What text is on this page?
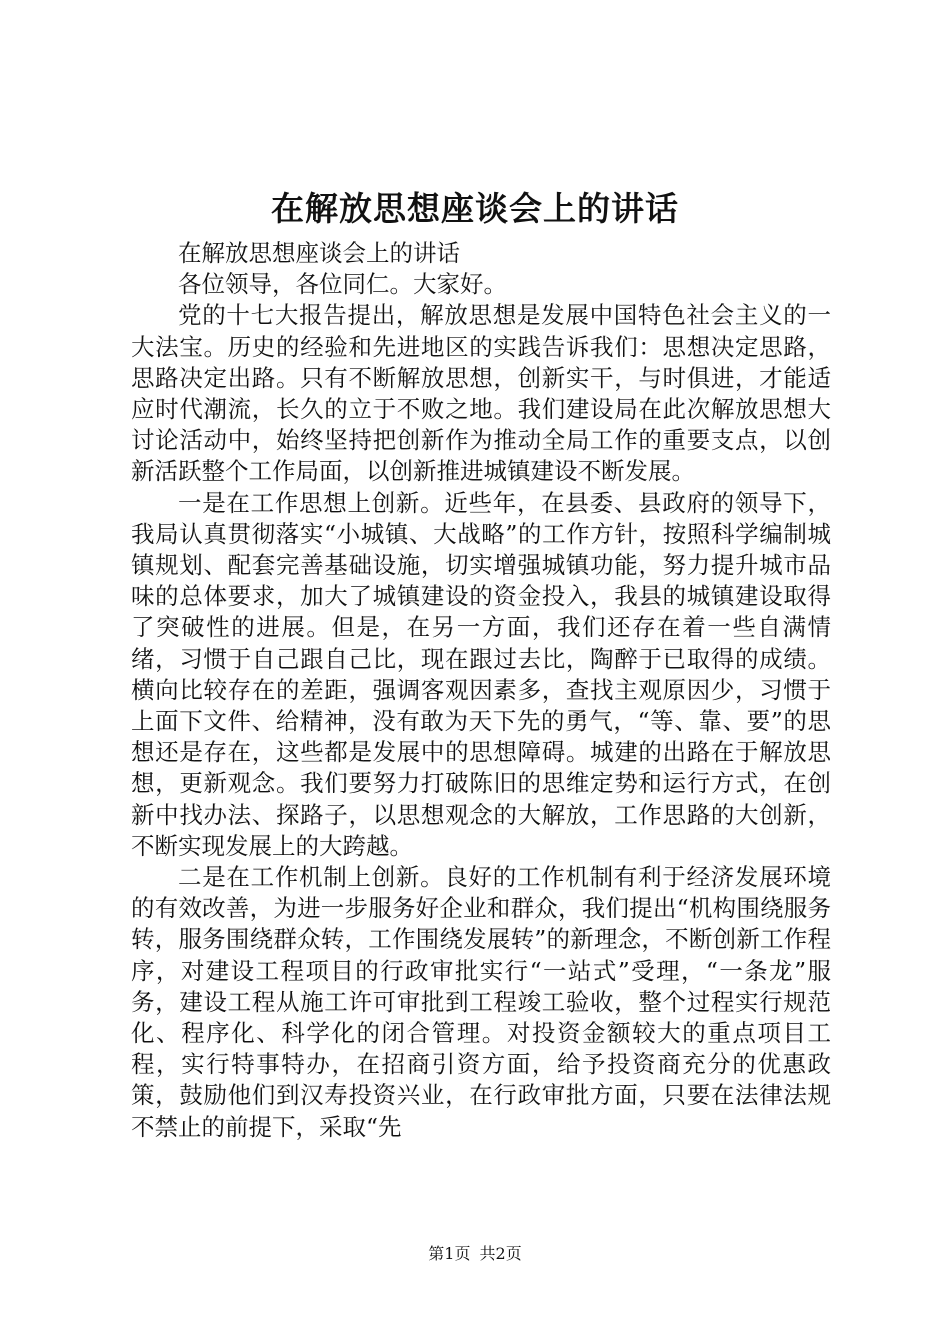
在解放思想座谈会上的讲话

在解放思想座谈会上的讲话

各位领导，各位同仁。大家好。

党的十七大报告提出，解放思想是发展中国特色社会主义的一大法宝。历史的经验和先进地区的实践告诉我们：思想决定思路，思路决定出路。只有不断解放思想，创新实干，与时俱进，才能适应时代潮流，长久的立于不败之地。我们建设局在此次解放思想大讨论活动中，始终坚持把创新作为推动全局工作的重要支点，以创新活跃整个工作局面，以创新推进城镇建设不断发展。

一是在工作思想上创新。近些年，在县委、县政府的领导下，我局认真贯彻落实“小城镇、大战略”的工作方针，按照科学编制城镇规划、配套完善基础设施，切实增强城镇功能，努力提升城市品味的总体要求，加大了城镇建设的资金投入，我县的城镇建设取得了突破性的进展。但是，在另一方面，我们还存在着一些自满情绪，习惯于自己跟自己比，现在跟过去比，陶醉于已取得的成绩。横向比较存在的差距，强调客观因素多，查找主观原因少，习惯于上面下文件、给精神，没有敢为天下先的勇气，“等、靠、要”的思想还是存在，这些都是发展中的思想障碍。城建的出路在于解放思想，更新观念。我们要努力打破陈旧的思维定势和运行方式，在创新中找办法、探路子，以思想观念的大解放，工作思路的大创新，不断实现发展上的大跨越。

二是在工作机制上创新。良好的工作机制有利于经济发展环境的有效改善，为进一步服务好企业和群众，我们提出“机构围绕服务转，服务围绕群众转，工作围绕发展转”的新理念，不断创新工作程序，对建设工程项目的行政审批实行“一站式”受理，“一条龙”服务，建设工程从施工许可审批到工程竣工验收，整个过程实行规范化、程序化、科学化的闭合管理。对投资金额较大的重点项目工程，实行特事特办，在招商引资方面，给予投资商充分的优惠政策，鼓励他们到汉寿投资兴业，在行政审批方面，只要在法律法规不禁止的前提下，采取“先

第1页 共2页
